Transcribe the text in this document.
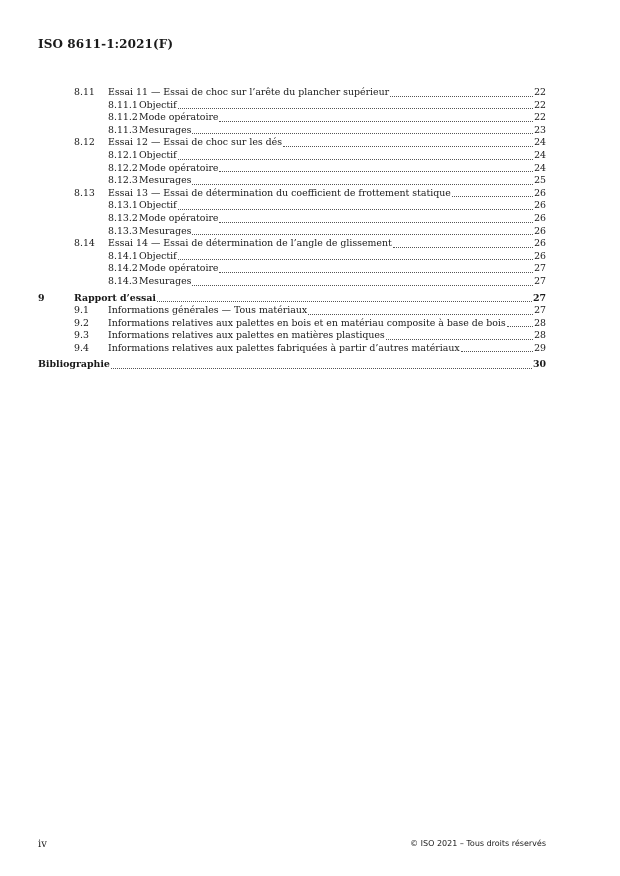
ISO 8611-1:2021(F)
8.11 Essai 11 — Essai de choc sur l’arête du plancher supérieur	22
8.11.1 Objectif	22
8.11.2 Mode opératoire	22
8.11.3 Mesurages	23
8.12 Essai 12 — Essai de choc sur les dés	24
8.12.1 Objectif	24
8.12.2 Mode opératoire	24
8.12.3 Mesurages	25
8.13 Essai 13 — Essai de détermination du coefficient de frottement statique	26
8.13.1 Objectif	26
8.13.2 Mode opératoire	26
8.13.3 Mesurages	26
8.14 Essai 14 — Essai de détermination de l’angle de glissement	26
8.14.1 Objectif	26
8.14.2 Mode opératoire	27
8.14.3 Mesurages	27
9	Rapport d’essai	27
9.1 Informations générales — Tous matériaux	27
9.2 Informations relatives aux palettes en bois et en matériau composite à base de bois	28
9.3 Informations relatives aux palettes en matières plastiques	28
9.4 Informations relatives aux palettes fabriquées à partir d’autres matériaux	29
Bibliographie	30
iv	© ISO 2021 – Tous droits réservés
